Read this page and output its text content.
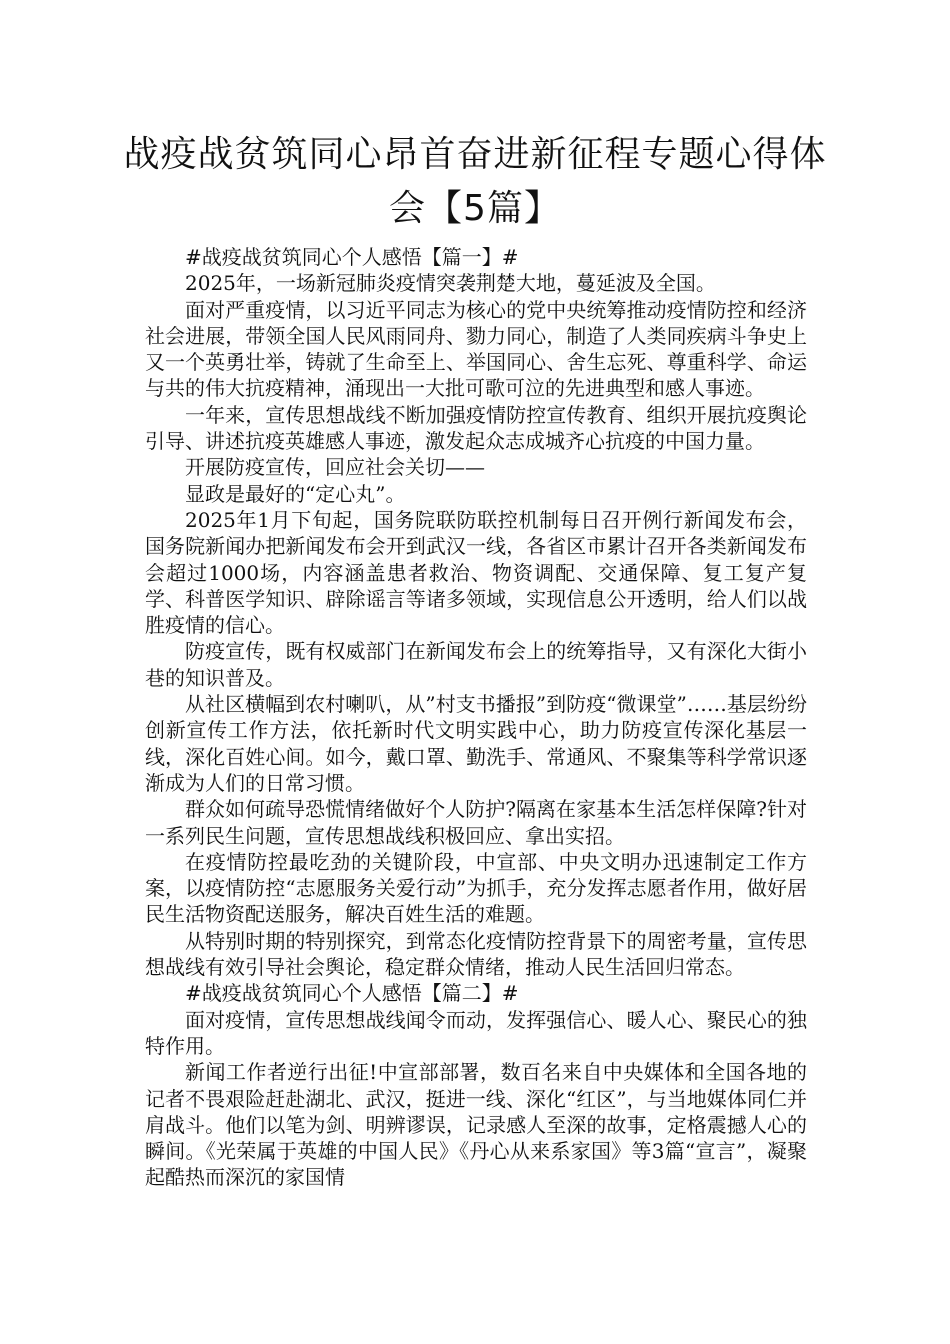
战疫战贫筑同心昂首奋进新征程专题心得体会【5篇】

#战疫战贫筑同心个人感悟【篇一】#

2025年，一场新冠肺炎疫情突袭荆楚大地，蔓延波及全国。

面对严重疫情，以习近平同志为核心的党中央统筹推动疫情防控和经济社会进展，带领全国人民风雨同舟、勠力同心，制造了人类同疾病斗争史上又一个英勇壮举，铸就了生命至上、举国同心、舍生忘死、尊重科学、命运与共的伟大抗疫精神，涌现出一大批可歌可泣的先进典型和感人事迹。

一年来，宣传思想战线不断加强疫情防控宣传教育、组织开展抗疫舆论引导、讲述抗疫英雄感人事迹，激发起众志成城齐心抗疫的中国力量。

开展防疫宣传，回应社会关切——

显政是最好的“定心丸”。

2025年1月下旬起，国务院联防联控机制每日召开例行新闻发布会，国务院新闻办把新闻发布会开到武汉一线，各省区市累计召开各类新闻发布会超过1000场，内容涵盖患者救治、物资调配、交通保障、复工复产复学、科普医学知识、辟除谣言等诸多领域，实现信息公开透明，给人们以战胜疫情的信心。

防疫宣传，既有权威部门在新闻发布会上的统筹指导，又有深化大街小巷的知识普及。

从社区横幅到农村喇叭，从”村支书播报”到防疫“微课堂”……基层纷纷创新宣传工作方法，依托新时代文明实践中心，助力防疫宣传深化基层一线，深化百姓心间。如今，戴口罩、勤洗手、常通风、不聚集等科学常识逐渐成为人们的日常习惯。

群众如何疏导恐慌情绪做好个人防护?隔离在家基本生活怎样保障?针对一系列民生问题，宣传思想战线积极回应、拿出实招。

在疫情防控最吃劲的关键阶段，中宣部、中央文明办迅速制定工作方案，以疫情防控“志愿服务关爱行动”为抓手，充分发挥志愿者作用，做好居民生活物资配送服务，解决百姓生活的难题。

从特别时期的特别探究，到常态化疫情防控背景下的周密考量，宣传思想战线有效引导社会舆论，稳定群众情绪，推动人民生活回归常态。

#战疫战贫筑同心个人感悟【篇二】#

面对疫情，宣传思想战线闻令而动，发挥强信心、暖人心、聚民心的独特作用。

新闻工作者逆行出征!中宣部部署，数百名来自中央媒体和全国各地的记者不畏艰险赶赴湖北、武汉，挺进一线、深化“红区”，与当地媒体同仁并肩战斗。他们以笔为剑、明辨谬误，记录感人至深的故事，定格震撼人心的瞬间。《光荣属于英雄的中国人民》《丹心从来系家国》等3篇“宣言”，凝聚起酷热而深沉的家国情
